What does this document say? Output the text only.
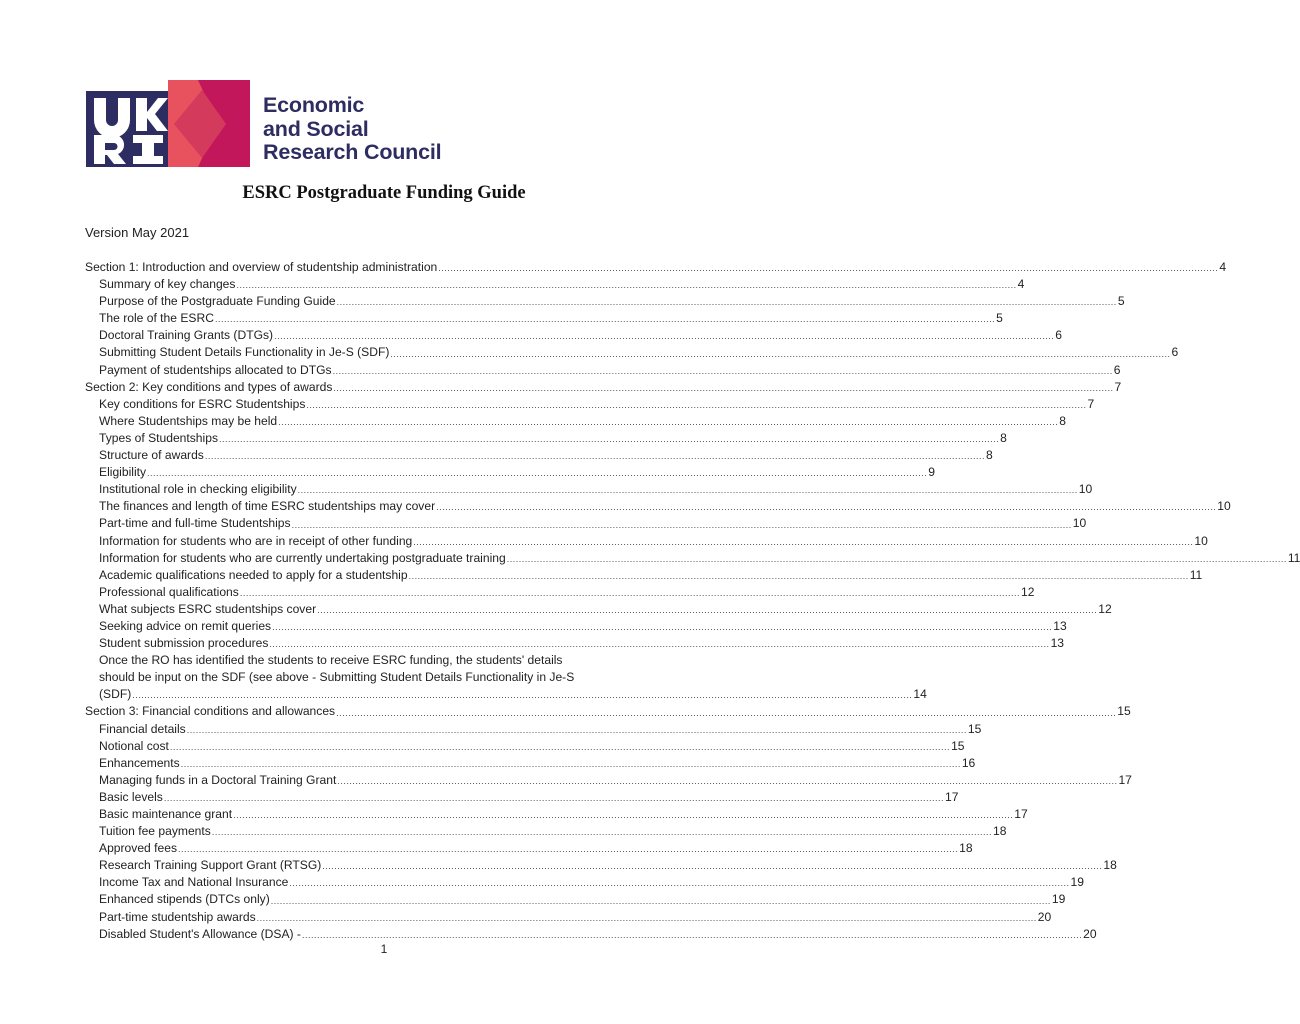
Economic
and Social
Research Council
ESRC Postgraduate Funding Guide
Version May 2021
Section 1: Introduction and overview of studentship administration .................................................................................................................................................................................................................................................................... 4
Summary of key changes .................................................................................................................................................................................................................................................................... 4
Purpose of the Postgraduate Funding Guide .................................................................................................................................................................................................................................................................... 5
The role of the ESRC .................................................................................................................................................................................................................................................................... 5
Doctoral Training Grants (DTGs) .................................................................................................................................................................................................................................................................... 6
Submitting Student Details Functionality in Je-S (SDF) .................................................................................................................................................................................................................................................................... 6
Payment of studentships allocated to DTGs .................................................................................................................................................................................................................................................................... 6
Section 2: Key conditions and types of awards .................................................................................................................................................................................................................................................................... 7
Key conditions for ESRC Studentships .................................................................................................................................................................................................................................................................... 7
Where Studentships may be held .................................................................................................................................................................................................................................................................... 8
Types of Studentships .................................................................................................................................................................................................................................................................... 8
Structure of awards .................................................................................................................................................................................................................................................................... 8
Eligibility .................................................................................................................................................................................................................................................................... 9
Institutional role in checking eligibility .................................................................................................................................................................................................................................................................... 10
The finances and length of time ESRC studentships may cover .................................................................................................................................................................................................................................................................... 10
Part-time and full-time Studentships .................................................................................................................................................................................................................................................................... 10
Information for students who are in receipt of other funding .................................................................................................................................................................................................................................................................... 10
Information for students who are currently undertaking postgraduate training .................................................................................................................................................................................................................................................................... 11
Academic qualifications needed to apply for a studentship .................................................................................................................................................................................................................................................................... 11
Professional qualifications .................................................................................................................................................................................................................................................................... 12
What subjects ESRC studentships cover .................................................................................................................................................................................................................................................................... 12
Seeking advice on remit queries .................................................................................................................................................................................................................................................................... 13
Student submission procedures .................................................................................................................................................................................................................................................................... 13
Once the RO has identified the students to receive ESRC funding, the students' details
should be input on the SDF (see above - Submitting Student Details Functionality in Je-S
(SDF) .................................................................................................................................................................................................................................................................... 14
Section 3: Financial conditions and allowances .................................................................................................................................................................................................................................................................... 15
Financial details .................................................................................................................................................................................................................................................................... 15
Notional cost .................................................................................................................................................................................................................................................................... 15
Enhancements .................................................................................................................................................................................................................................................................... 16
Managing funds in a Doctoral Training Grant .................................................................................................................................................................................................................................................................... 17
Basic levels .................................................................................................................................................................................................................................................................... 17
Basic maintenance grant .................................................................................................................................................................................................................................................................... 17
Tuition fee payments .................................................................................................................................................................................................................................................................... 18
Approved fees .................................................................................................................................................................................................................................................................... 18
Research Training Support Grant (RTSG) .................................................................................................................................................................................................................................................................... 18
Income Tax and National Insurance .................................................................................................................................................................................................................................................................... 19
Enhanced stipends (DTCs only) .................................................................................................................................................................................................................................................................... 19
Part-time studentship awards .................................................................................................................................................................................................................................................................... 20
Disabled Student's Allowance (DSA) - .................................................................................................................................................................................................................................................................... 20
1
